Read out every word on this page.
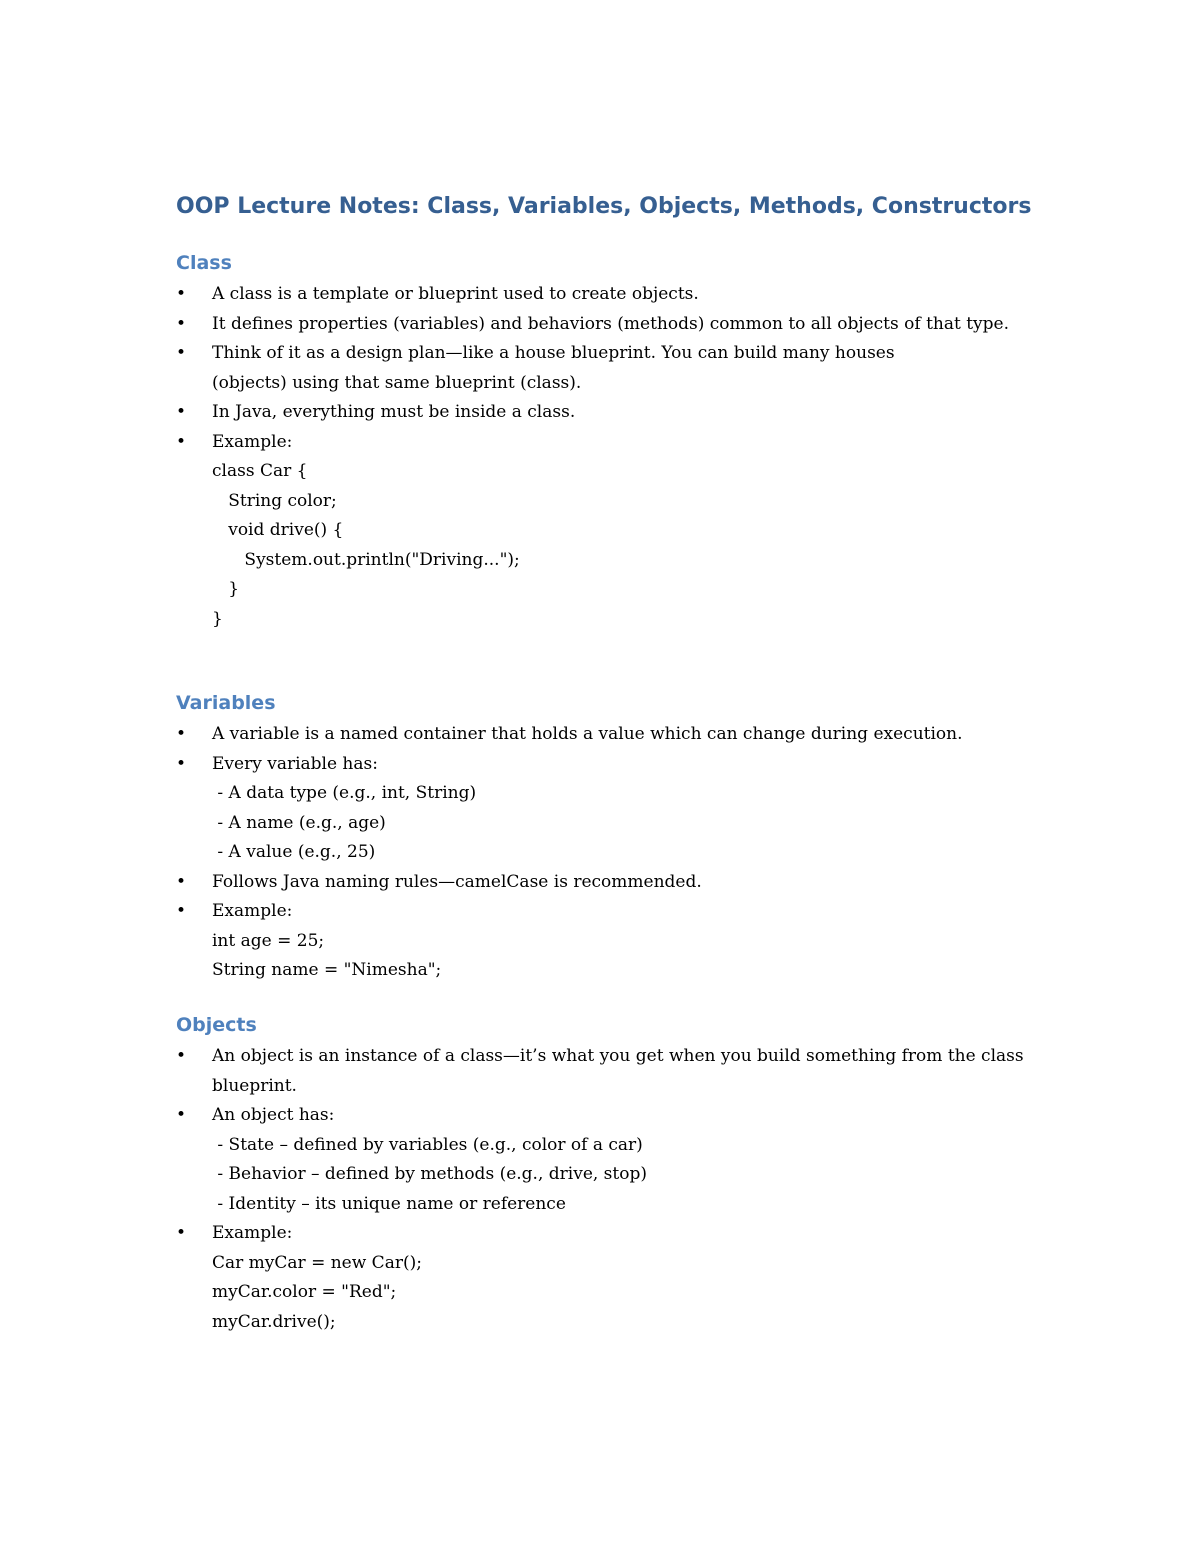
OOP Lecture Notes: Class, Variables, Objects, Methods, Constructors
Class
• A class is a template or blueprint used to create objects.
• It defines properties (variables) and behaviors (methods) common to all objects of that type.
• Think of it as a design plan—like a house blueprint. You can build many houses (objects) using that same blueprint (class).
• In Java, everything must be inside a class.
• Example:
class Car {
String color;
void drive() {
System.out.println("Driving...");
}
}
Variables
• A variable is a named container that holds a value which can change during execution.
• Every variable has:
- A data type (e.g., int, String)
- A name (e.g., age)
- A value (e.g., 25)
• Follows Java naming rules—camelCase is recommended.
• Example:
int age = 25;
String name = "Nimesha";
Objects
• An object is an instance of a class—it’s what you get when you build something from the class blueprint.
• An object has:
- State – defined by variables (e.g., color of a car)
- Behavior – defined by methods (e.g., drive, stop)
- Identity – its unique name or reference
• Example:
Car myCar = new Car();
myCar.color = "Red";
myCar.drive();
